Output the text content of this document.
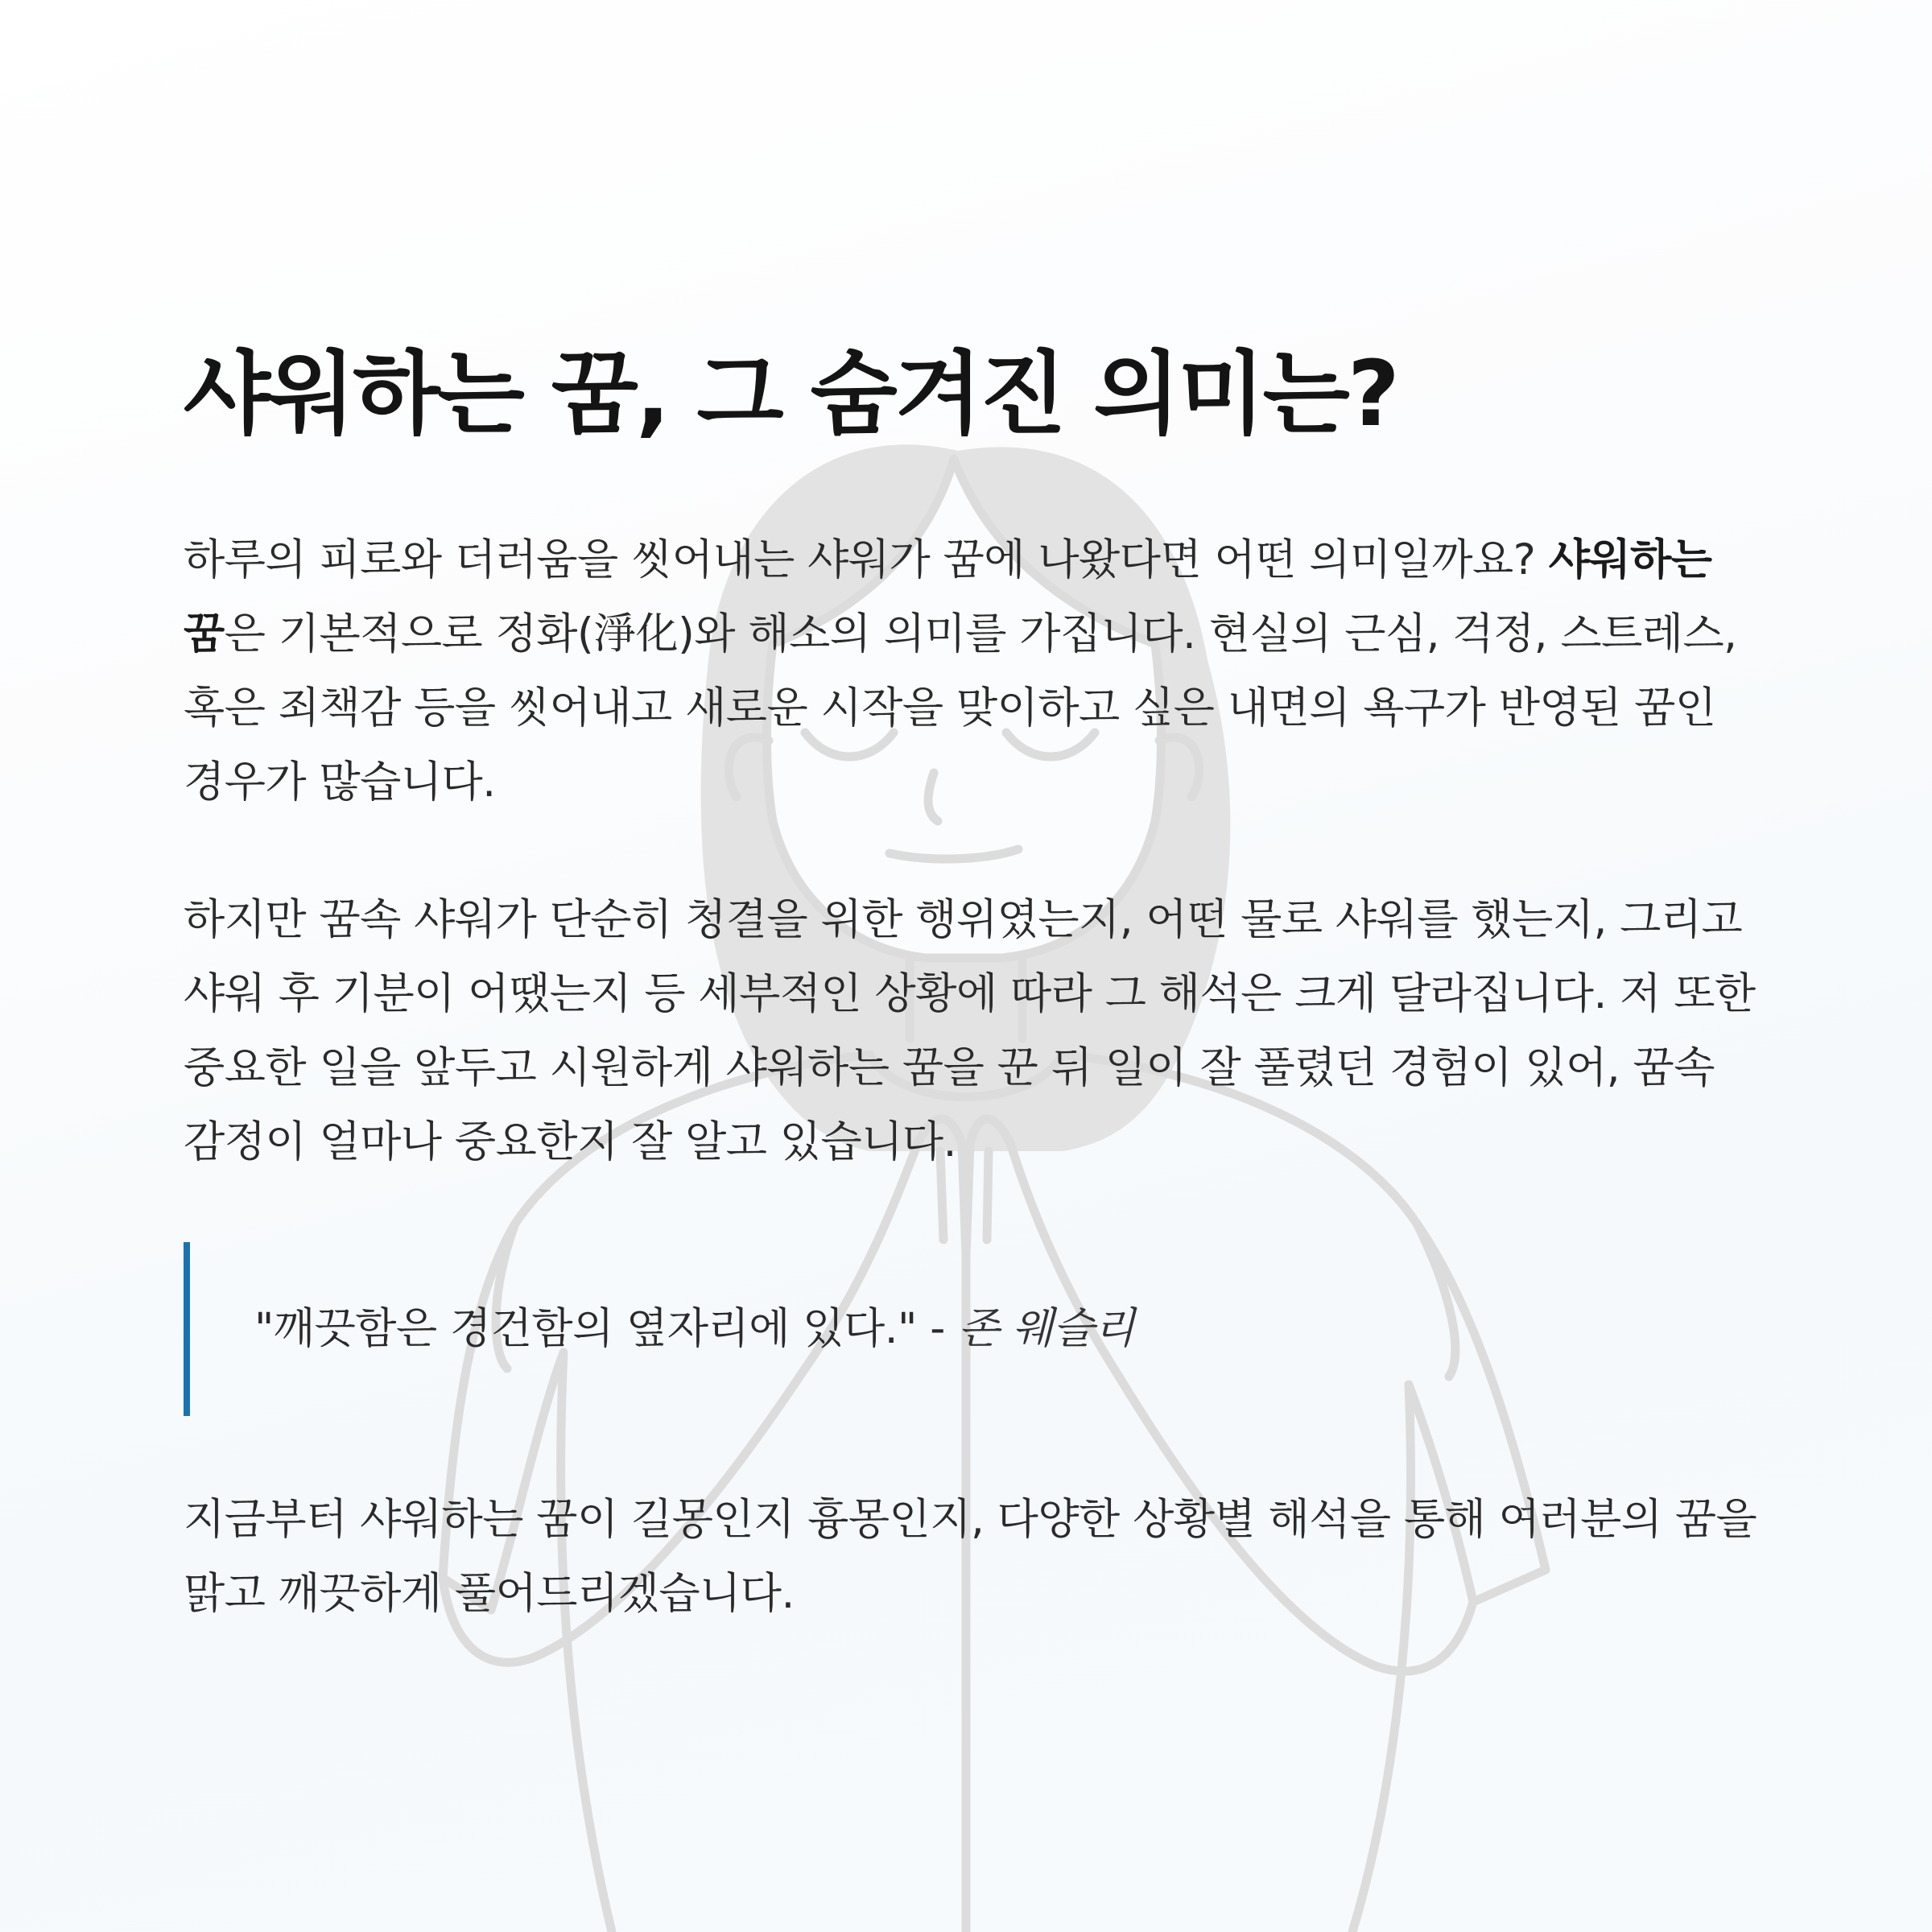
샤워하는 꿈, 그 숨겨진 의미는?

하루의 피로와 더러움을 씻어내는 샤워가 꿈에 나왔다면 어떤 의미일까요? 샤워하는 꿈은 기본적으로 정화(淨化)와 해소의 의미를 가집니다. 현실의 근심, 걱정, 스트레스, 혹은 죄책감 등을 씻어내고 새로운 시작을 맞이하고 싶은 내면의 욕구가 반영된 꿈인 경우가 많습니다.

하지만 꿈속 샤워가 단순히 청결을 위한 행위였는지, 어떤 물로 샤워를 했는지, 그리고 샤워 후 기분이 어땠는지 등 세부적인 상황에 따라 그 해석은 크게 달라집니다. 저 또한 중요한 일을 앞두고 시원하게 샤워하는 꿈을 꾼 뒤 일이 잘 풀렸던 경험이 있어, 꿈속 감정이 얼마나 중요한지 잘 알고 있습니다.

"깨끗함은 경건함의 옆자리에 있다." - 존 웨슬리

지금부터 샤워하는 꿈이 길몽인지 흉몽인지, 다양한 상황별 해석을 통해 여러분의 꿈을 맑고 깨끗하게 풀어드리겠습니다.
